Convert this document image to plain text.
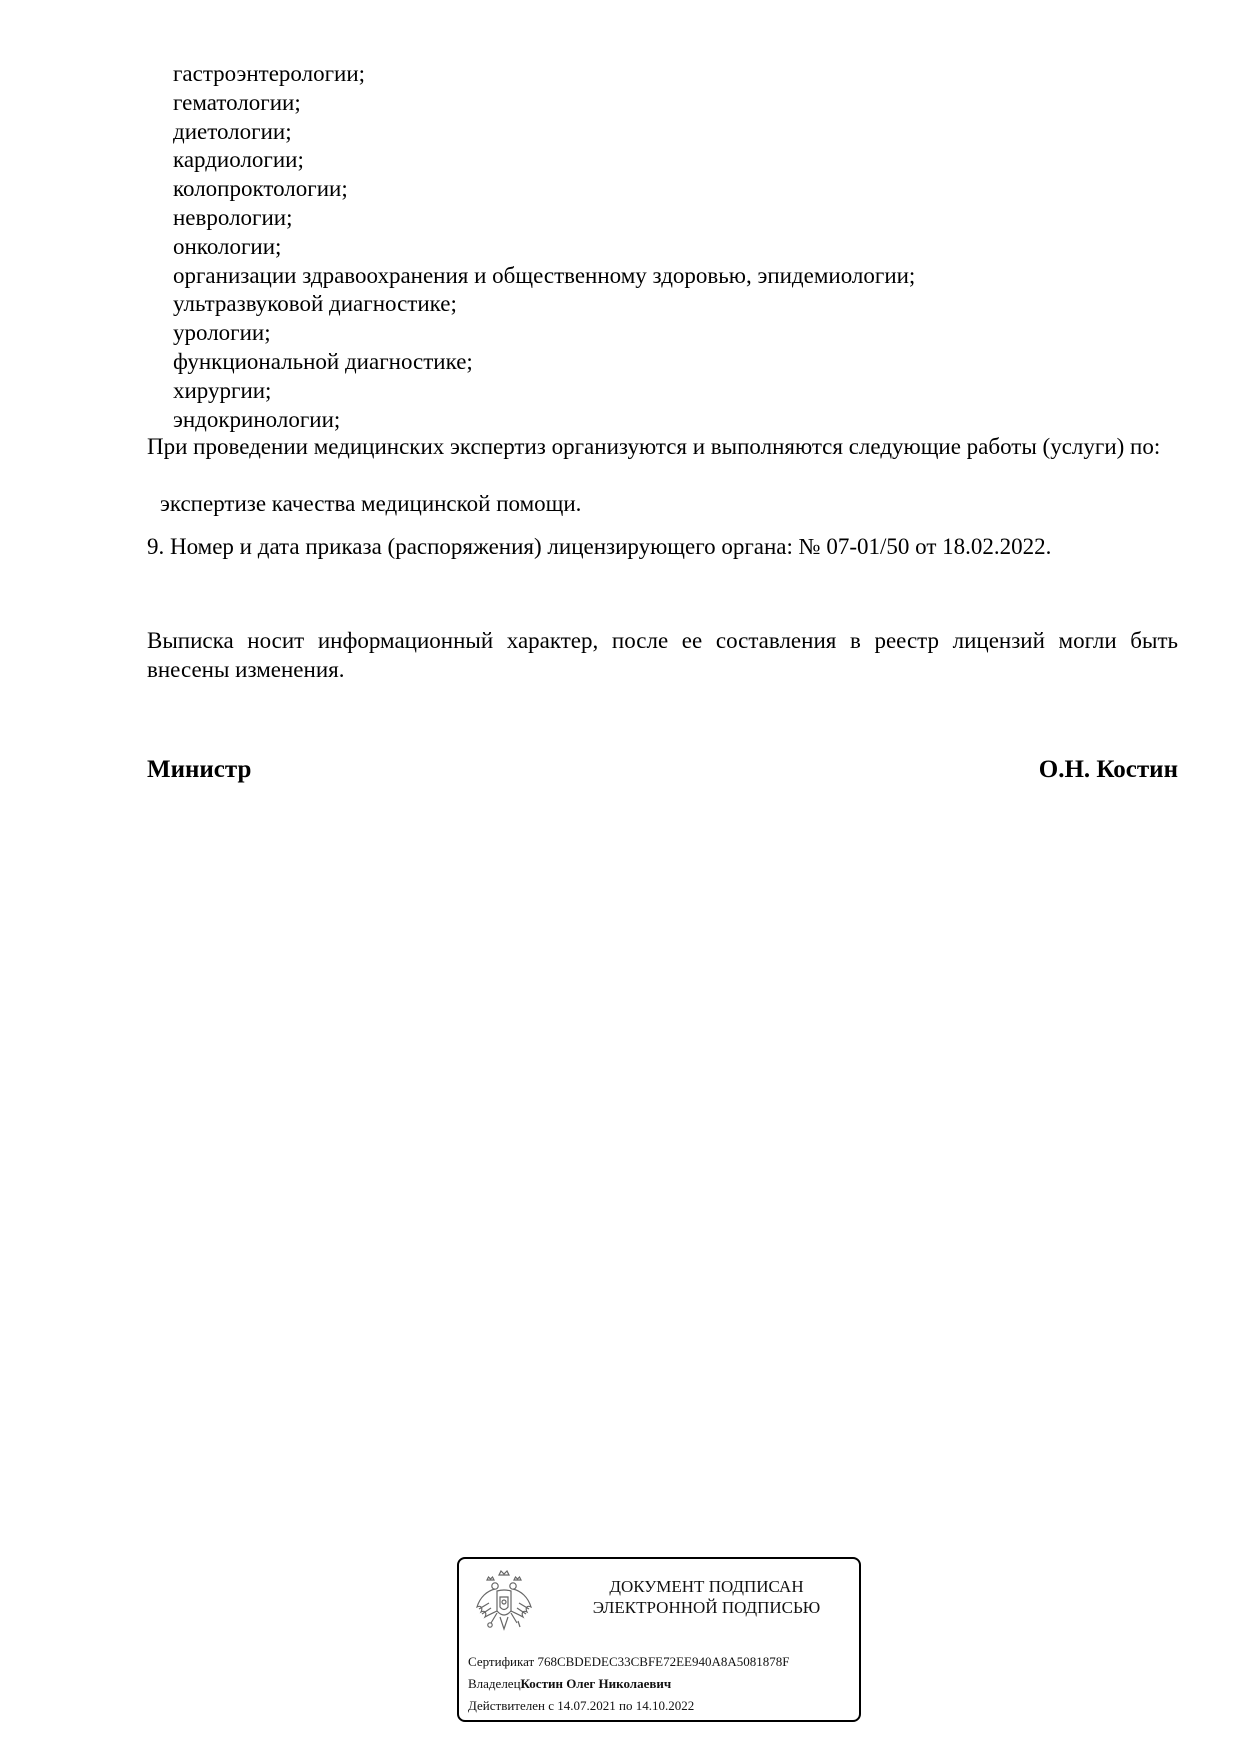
гастроэнтерологии;
гематологии;
диетологии;
кардиологии;
колопроктологии;
неврологии;
онкологии;
организации здравоохранения и общественному здоровью, эпидемиологии;
ультразвуковой диагностике;
урологии;
функциональной диагностике;
хирургии;
эндокринологии;

При проведении медицинских экспертиз организуются и выполняются следующие работы (услуги) по:

экспертизе качества медицинской помощи.

9. Номер и дата приказа (распоряжения) лицензирующего органа: № 07-01/50 от 18.02.2022.

Выписка носит информационный характер, после ее составления в реестр лицензий могли быть внесены изменения.

Министр	О.Н. Костин
ДОКУМЕНТ ПОДПИСАН
ЭЛЕКТРОННОЙ ПОДПИСЬЮ
Сертификат 768CBDEDEC33CBFE72EE940A8A5081878F
ВладелецКостин Олег Николаевич
Действителен с 14.07.2021 по 14.10.2022
